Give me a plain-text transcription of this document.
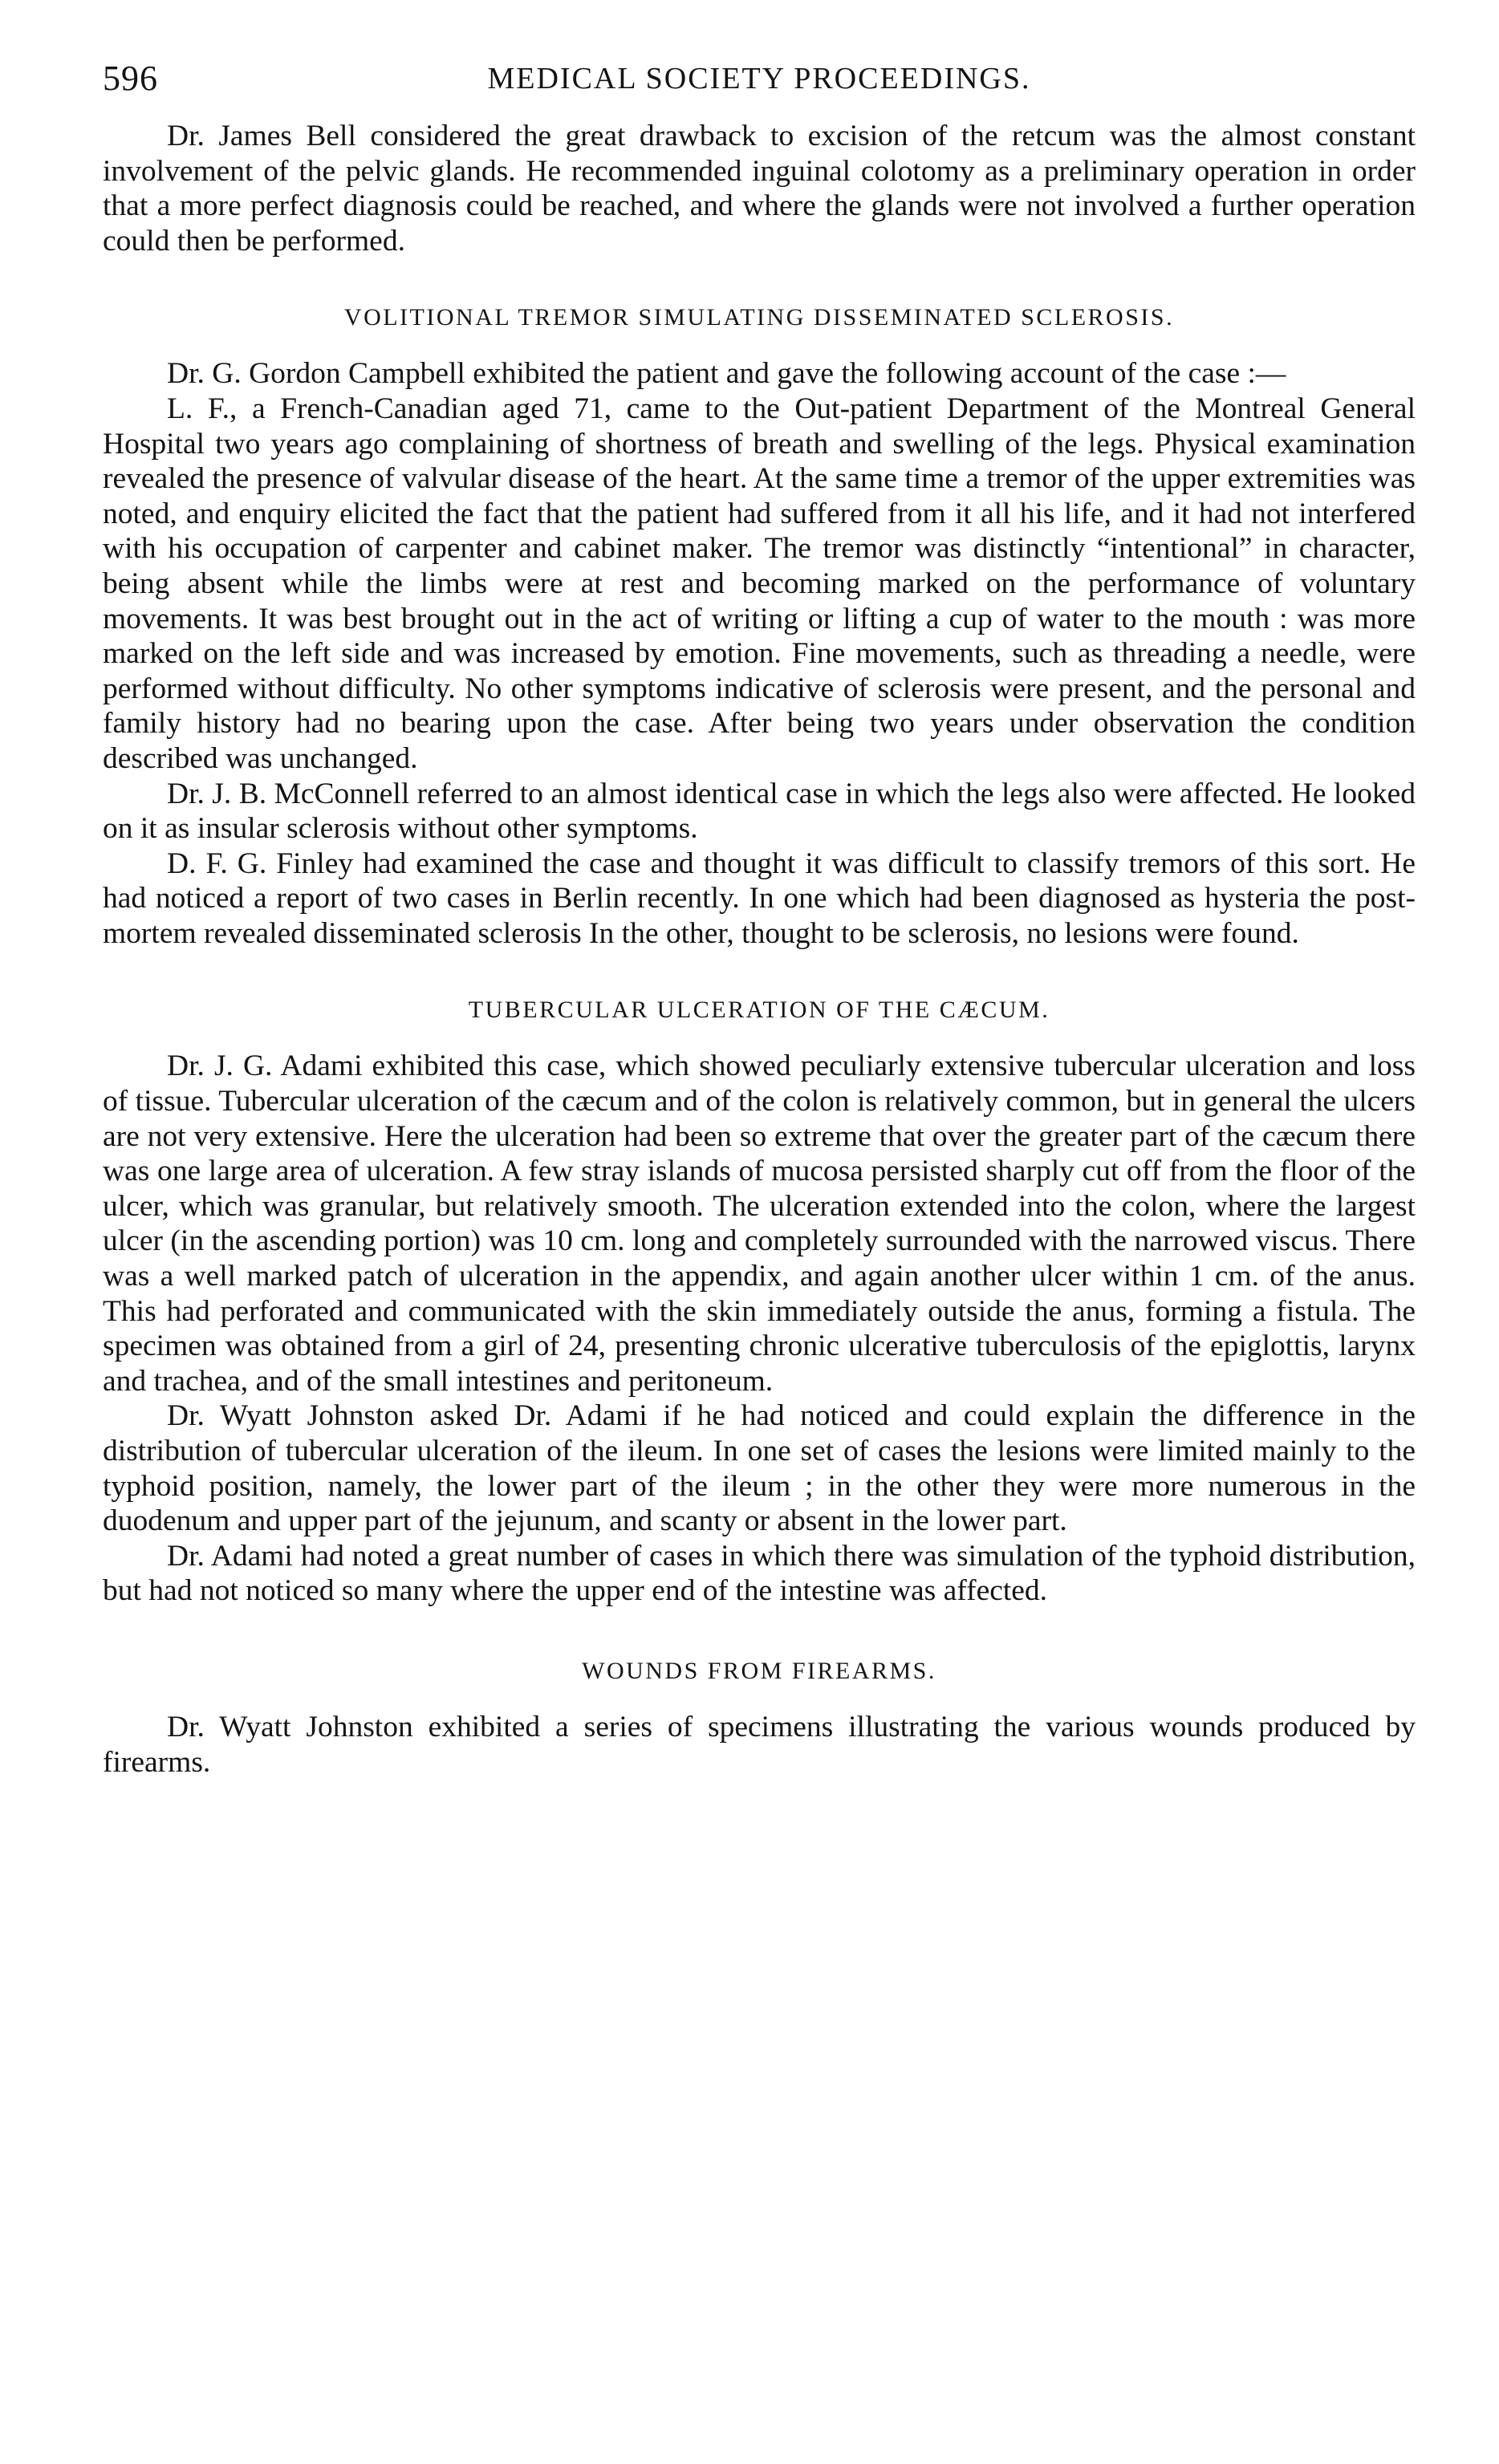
596	MEDICAL SOCIETY PROCEEDINGS.

Dr. James Bell considered the great drawback to excision of the retcum was the almost constant involvement of the pelvic glands. He recommended inguinal colotomy as a preliminary operation in order that a more perfect diagnosis could be reached, and where the glands were not involved a further operation could then be performed.

VOLITIONAL TREMOR SIMULATING DISSEMINATED SCLEROSIS.

Dr. G. Gordon Campbell exhibited the patient and gave the following account of the case :—

L. F., a French-Canadian aged 71, came to the Out-patient Department of the Montreal General Hospital two years ago complaining of shortness of breath and swelling of the legs. Physical examination revealed the presence of valvular disease of the heart. At the same time a tremor of the upper extremities was noted, and enquiry elicited the fact that the patient had suffered from it all his life, and it had not interfered with his occupation of carpenter and cabinet maker. The tremor was distinctly “intentional” in character, being absent while the limbs were at rest and becoming marked on the performance of voluntary movements. It was best brought out in the act of writing or lifting a cup of water to the mouth : was more marked on the left side and was increased by emotion. Fine movements, such as threading a needle, were performed without difficulty. No other symptoms indicative of sclerosis were present, and the personal and family history had no bearing upon the case. After being two years under observation the condition described was unchanged.

Dr. J. B. McConnell referred to an almost identical case in which the legs also were affected. He looked on it as insular sclerosis without other symptoms.

D. F. G. Finley had examined the case and thought it was difficult to classify tremors of this sort. He had noticed a report of two cases in Berlin recently. In one which had been diagnosed as hysteria the post-mortem revealed disseminated sclerosis In the other, thought to be sclerosis, no lesions were found.

TUBERCULAR ULCERATION OF THE CÆCUM.

Dr. J. G. Adami exhibited this case, which showed peculiarly extensive tubercular ulceration and loss of tissue. Tubercular ulceration of the cæcum and of the colon is relatively common, but in general the ulcers are not very extensive. Here the ulceration had been so extreme that over the greater part of the cæcum there was one large area of ulceration. A few stray islands of mucosa persisted sharply cut off from the floor of the ulcer, which was granular, but relatively smooth. The ulceration extended into the colon, where the largest ulcer (in the ascending portion) was 10 cm. long and completely surrounded with the narrowed viscus. There was a well marked patch of ulceration in the appendix, and again another ulcer within 1 cm. of the anus. This had perforated and communicated with the skin immediately outside the anus, forming a fistula. The specimen was obtained from a girl of 24, presenting chronic ulcerative tuberculosis of the epiglottis, larynx and trachea, and of the small intestines and peritoneum.

Dr. Wyatt Johnston asked Dr. Adami if he had noticed and could explain the difference in the distribution of tubercular ulceration of the ileum. In one set of cases the lesions were limited mainly to the typhoid position, namely, the lower part of the ileum ; in the other they were more numerous in the duodenum and upper part of the jejunum, and scanty or absent in the lower part.

Dr. Adami had noted a great number of cases in which there was simulation of the typhoid distribution, but had not noticed so many where the upper end of the intestine was affected.

WOUNDS FROM FIREARMS.

Dr. Wyatt Johnston exhibited a series of specimens illustrating the various wounds produced by firearms.
